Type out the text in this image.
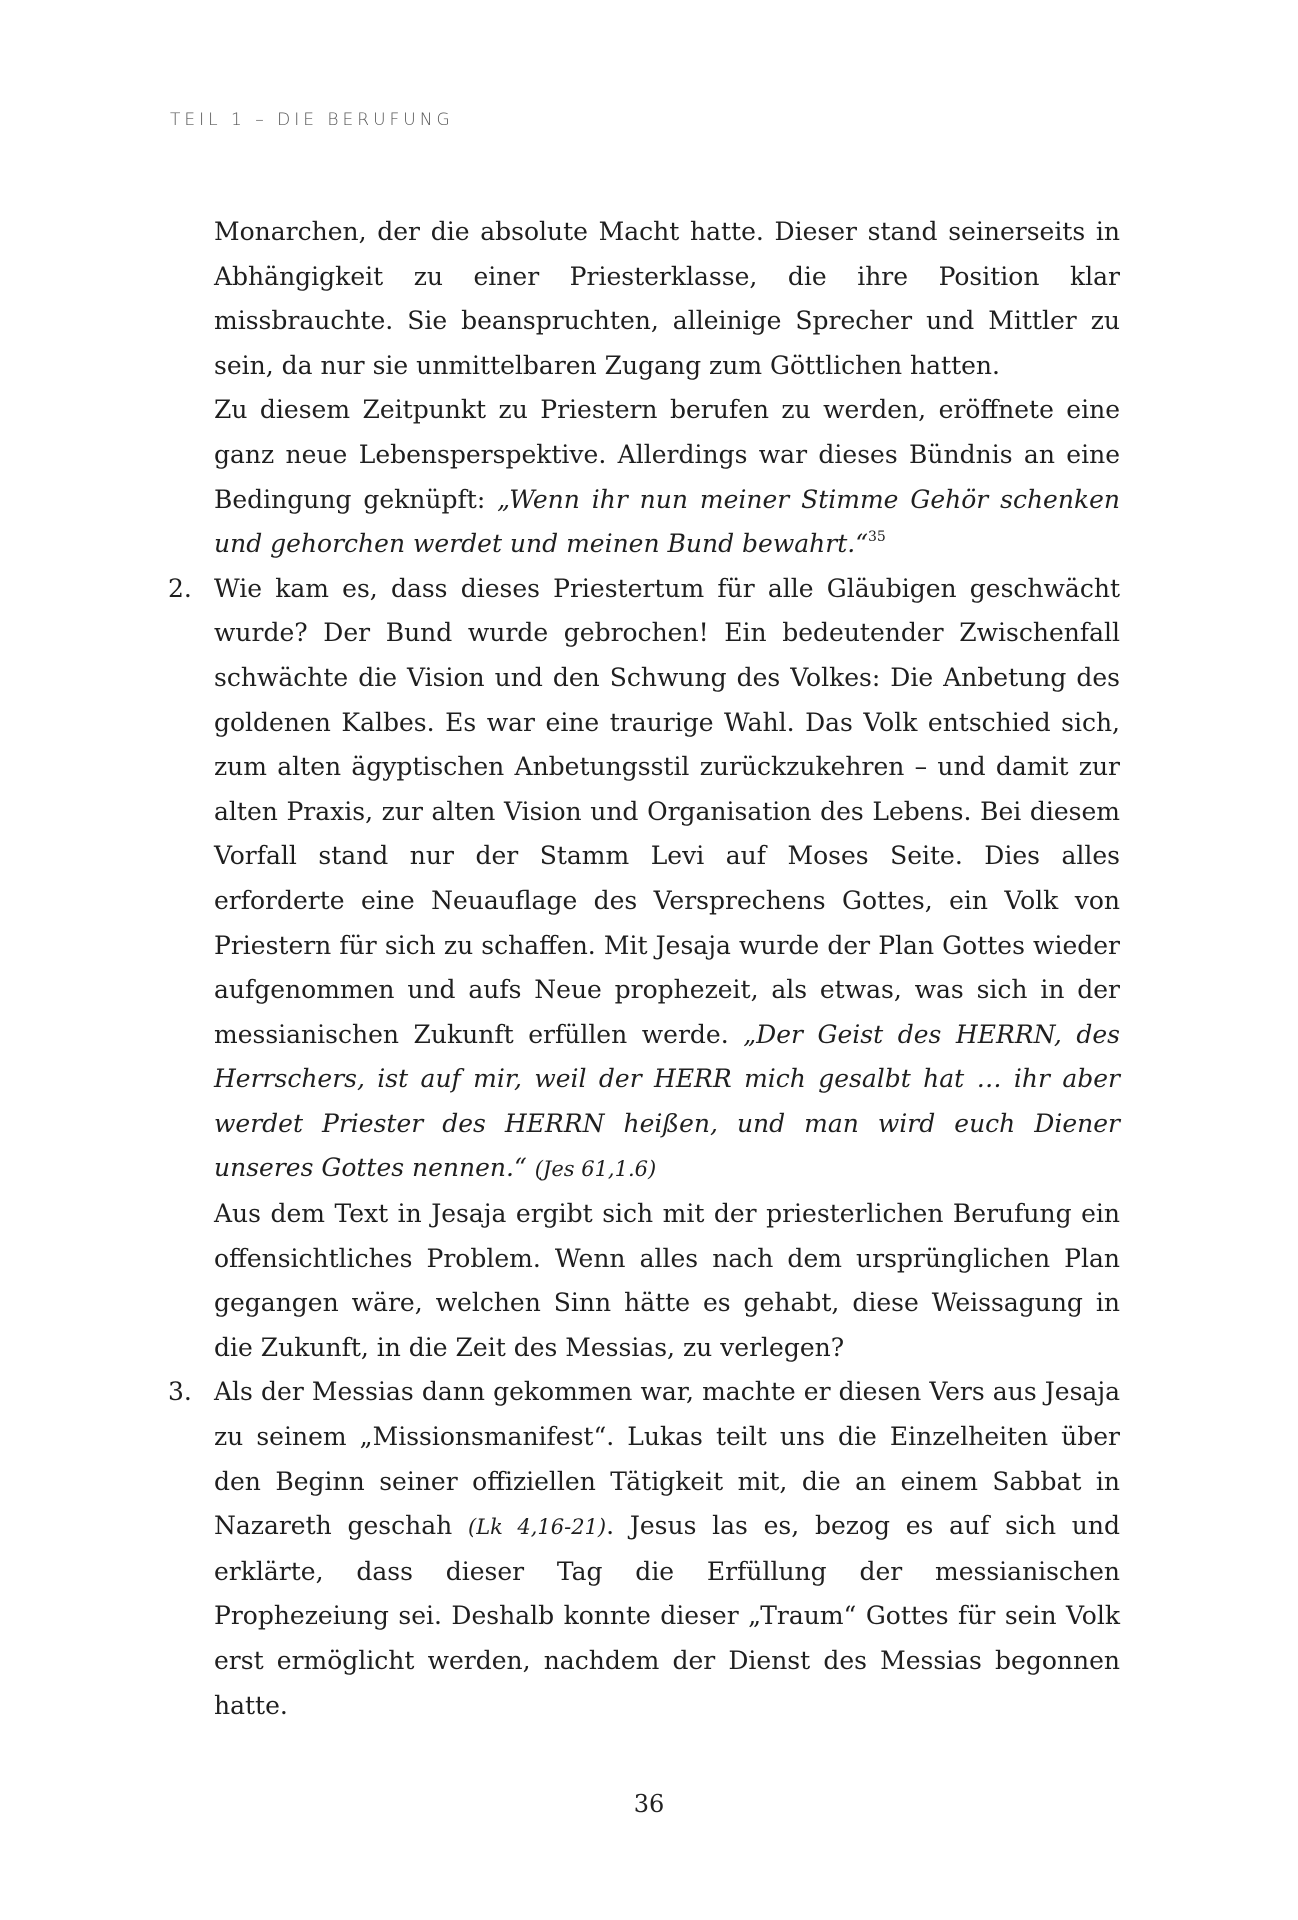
TEIL 1 – DIE BERUFUNG

Monarchen, der die absolute Macht hatte. Dieser stand seinerseits in Abhängigkeit zu einer Priesterklasse, die ihre Position klar missbrauchte. Sie beanspruchten, alleinige Sprecher und Mittler zu sein, da nur sie unmittelbaren Zugang zum Göttlichen hatten.

Zu diesem Zeitpunkt zu Priestern berufen zu werden, eröffnete eine ganz neue Lebensperspektive. Allerdings war dieses Bündnis an eine Bedingung geknüpft: „Wenn ihr nun meiner Stimme Gehör schenken und gehorchen werdet und meinen Bund bewahrt.“$^{35}$

2. Wie kam es, dass dieses Priestertum für alle Gläubigen geschwächt wurde? Der Bund wurde gebrochen! Ein bedeutender Zwischenfall schwächte die Vision und den Schwung des Volkes: Die Anbetung des goldenen Kalbes. Es war eine traurige Wahl. Das Volk entschied sich, zum alten ägyptischen Anbetungsstil zurückzukehren – und damit zur alten Praxis, zur alten Vision und Organisation des Lebens. Bei diesem Vorfall stand nur der Stamm Levi auf Moses Seite. Dies alles erforderte eine Neuauflage des Versprechens Gottes, ein Volk von Priestern für sich zu schaffen. Mit Jesaja wurde der Plan Gottes wieder aufgenommen und aufs Neue prophezeit, als etwas, was sich in der messianischen Zukunft erfüllen werde. „Der Geist des HERRN, des Herrschers, ist auf mir, weil der HERR mich gesalbt hat … ihr aber werdet Priester des HERRN heißen, und man wird euch Diener unseres Gottes nennen.“ (Jes 61,1.6)

Aus dem Text in Jesaja ergibt sich mit der priesterlichen Berufung ein offensichtliches Problem. Wenn alles nach dem ursprünglichen Plan gegangen wäre, welchen Sinn hätte es gehabt, diese Weissagung in die Zukunft, in die Zeit des Messias, zu verlegen?

3. Als der Messias dann gekommen war, machte er diesen Vers aus Jesaja zu seinem „Missionsmanifest“. Lukas teilt uns die Einzelheiten über den Beginn seiner offiziellen Tätigkeit mit, die an einem Sabbat in Nazareth geschah (Lk 4,16-21). Jesus las es, bezog es auf sich und erklärte, dass dieser Tag die Erfüllung der messianischen Prophezeiung sei. Deshalb konnte dieser „Traum“ Gottes für sein Volk erst ermöglicht werden, nachdem der Dienst des Messias begonnen hatte.

36
